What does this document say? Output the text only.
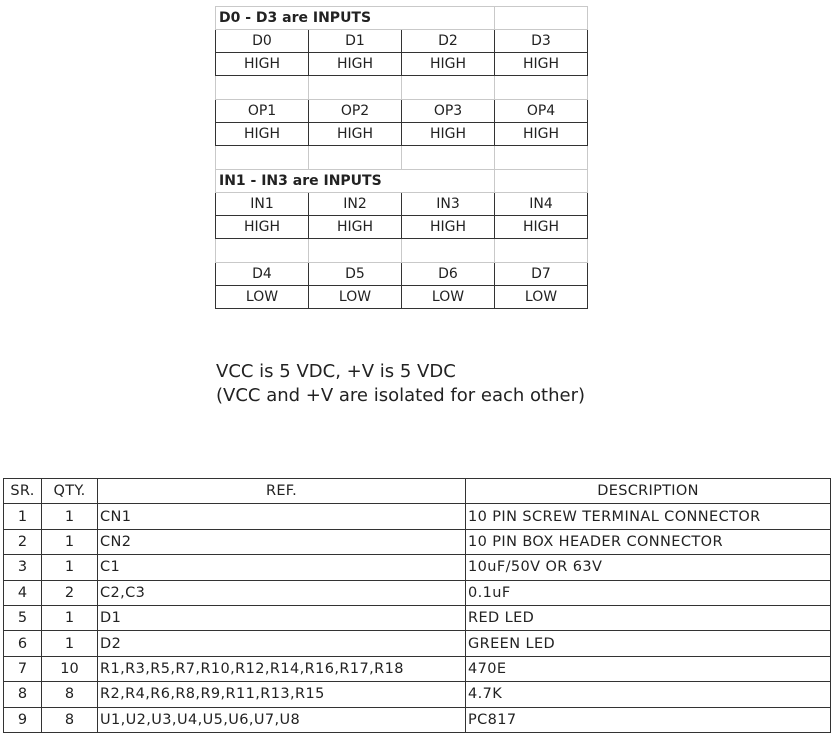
D0 - D3 are INPUTS			
D0	D1	D2	D3
HIGH	HIGH	HIGH	HIGH

OP1	OP2	OP3	OP4
HIGH	HIGH	HIGH	HIGH

IN1 - IN3 are INPUTS			
IN1	IN2	IN3	IN4
HIGH	HIGH	HIGH	HIGH

D4	D5	D6	D7
LOW	LOW	LOW	LOW
VCC is 5 VDC, +V is 5 VDC
(VCC and +V are isolated for each other)
SR.	QTY.	REF.	DESCRIPTION
1	1	CN1	10 PIN SCREW TERMINAL CONNECTOR
2	1	CN2	10 PIN BOX HEADER CONNECTOR
3	1	C1	10uF/50V OR 63V
4	2	C2,C3	0.1uF
5	1	D1	RED LED
6	1	D2	GREEN LED
7	10	R1,R3,R5,R7,R10,R12,R14,R16,R17,R18	470E
8	8	R2,R4,R6,R8,R9,R11,R13,R15	4.7K
9	8	U1,U2,U3,U4,U5,U6,U7,U8	PC817
